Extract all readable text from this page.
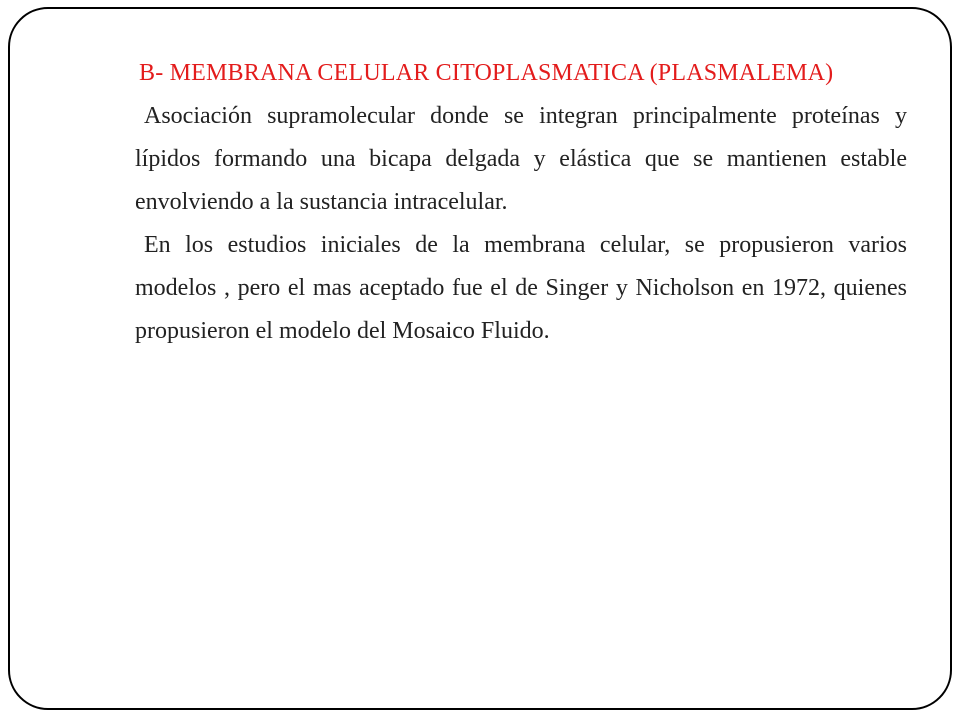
B- MEMBRANA CELULAR CITOPLASMATICA (PLASMALEMA)

Asociación supramolecular donde se integran principalmente proteínas y lípidos formando una bicapa delgada y elástica que se mantienen estable envolviendo a la sustancia intracelular.

En los estudios iniciales de la membrana celular, se propusieron varios modelos , pero el mas aceptado fue el de Singer y Nicholson en 1972, quienes propusieron el modelo del Mosaico Fluido.
